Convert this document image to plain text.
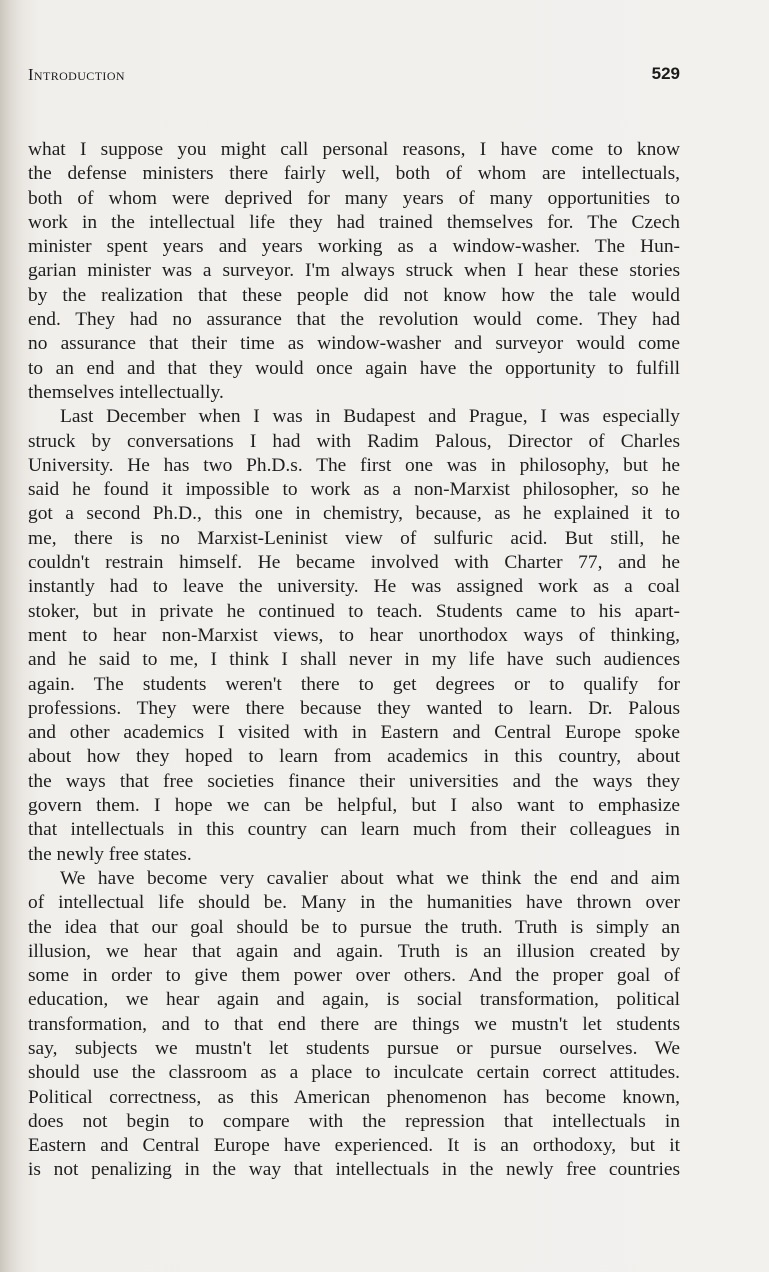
Introduction	529

what I suppose you might call personal reasons, I have come to know

the defense ministers there fairly well, both of whom are intellectuals,

both of whom were deprived for many years of many opportunities to

work in the intellectual life they had trained themselves for. The Czech

minister spent years and years working as a window-washer. The Hun-

garian minister was a surveyor. I'm always struck when I hear these stories

by the realization that these people did not know how the tale would

end. They had no assurance that the revolution would come. They had

no assurance that their time as window-washer and surveyor would come

to an end and that they would once again have the opportunity to fulfill

themselves intellectually.

Last December when I was in Budapest and Prague, I was especially

struck by conversations I had with Radim Palous, Director of Charles

University. He has two Ph.D.s. The first one was in philosophy, but he

said he found it impossible to work as a non-Marxist philosopher, so he

got a second Ph.D., this one in chemistry, because, as he explained it to

me, there is no Marxist-Leninist view of sulfuric acid. But still, he

couldn't restrain himself. He became involved with Charter 77, and he

instantly had to leave the university. He was assigned work as a coal

stoker, but in private he continued to teach. Students came to his apart-

ment to hear non-Marxist views, to hear unorthodox ways of thinking,

and he said to me, I think I shall never in my life have such audiences

again. The students weren't there to get degrees or to qualify for

professions. They were there because they wanted to learn. Dr. Palous

and other academics I visited with in Eastern and Central Europe spoke

about how they hoped to learn from academics in this country, about

the ways that free societies finance their universities and the ways they

govern them. I hope we can be helpful, but I also want to emphasize

that intellectuals in this country can learn much from their colleagues in

the newly free states.

We have become very cavalier about what we think the end and aim

of intellectual life should be. Many in the humanities have thrown over

the idea that our goal should be to pursue the truth. Truth is simply an

illusion, we hear that again and again. Truth is an illusion created by

some in order to give them power over others. And the proper goal of

education, we hear again and again, is social transformation, political

transformation, and to that end there are things we mustn't let students

say, subjects we mustn't let students pursue or pursue ourselves. We

should use the classroom as a place to inculcate certain correct attitudes.

Political correctness, as this American phenomenon has become known,

does not begin to compare with the repression that intellectuals in

Eastern and Central Europe have experienced. It is an orthodoxy, but it

is not penalizing in the way that intellectuals in the newly free countries
